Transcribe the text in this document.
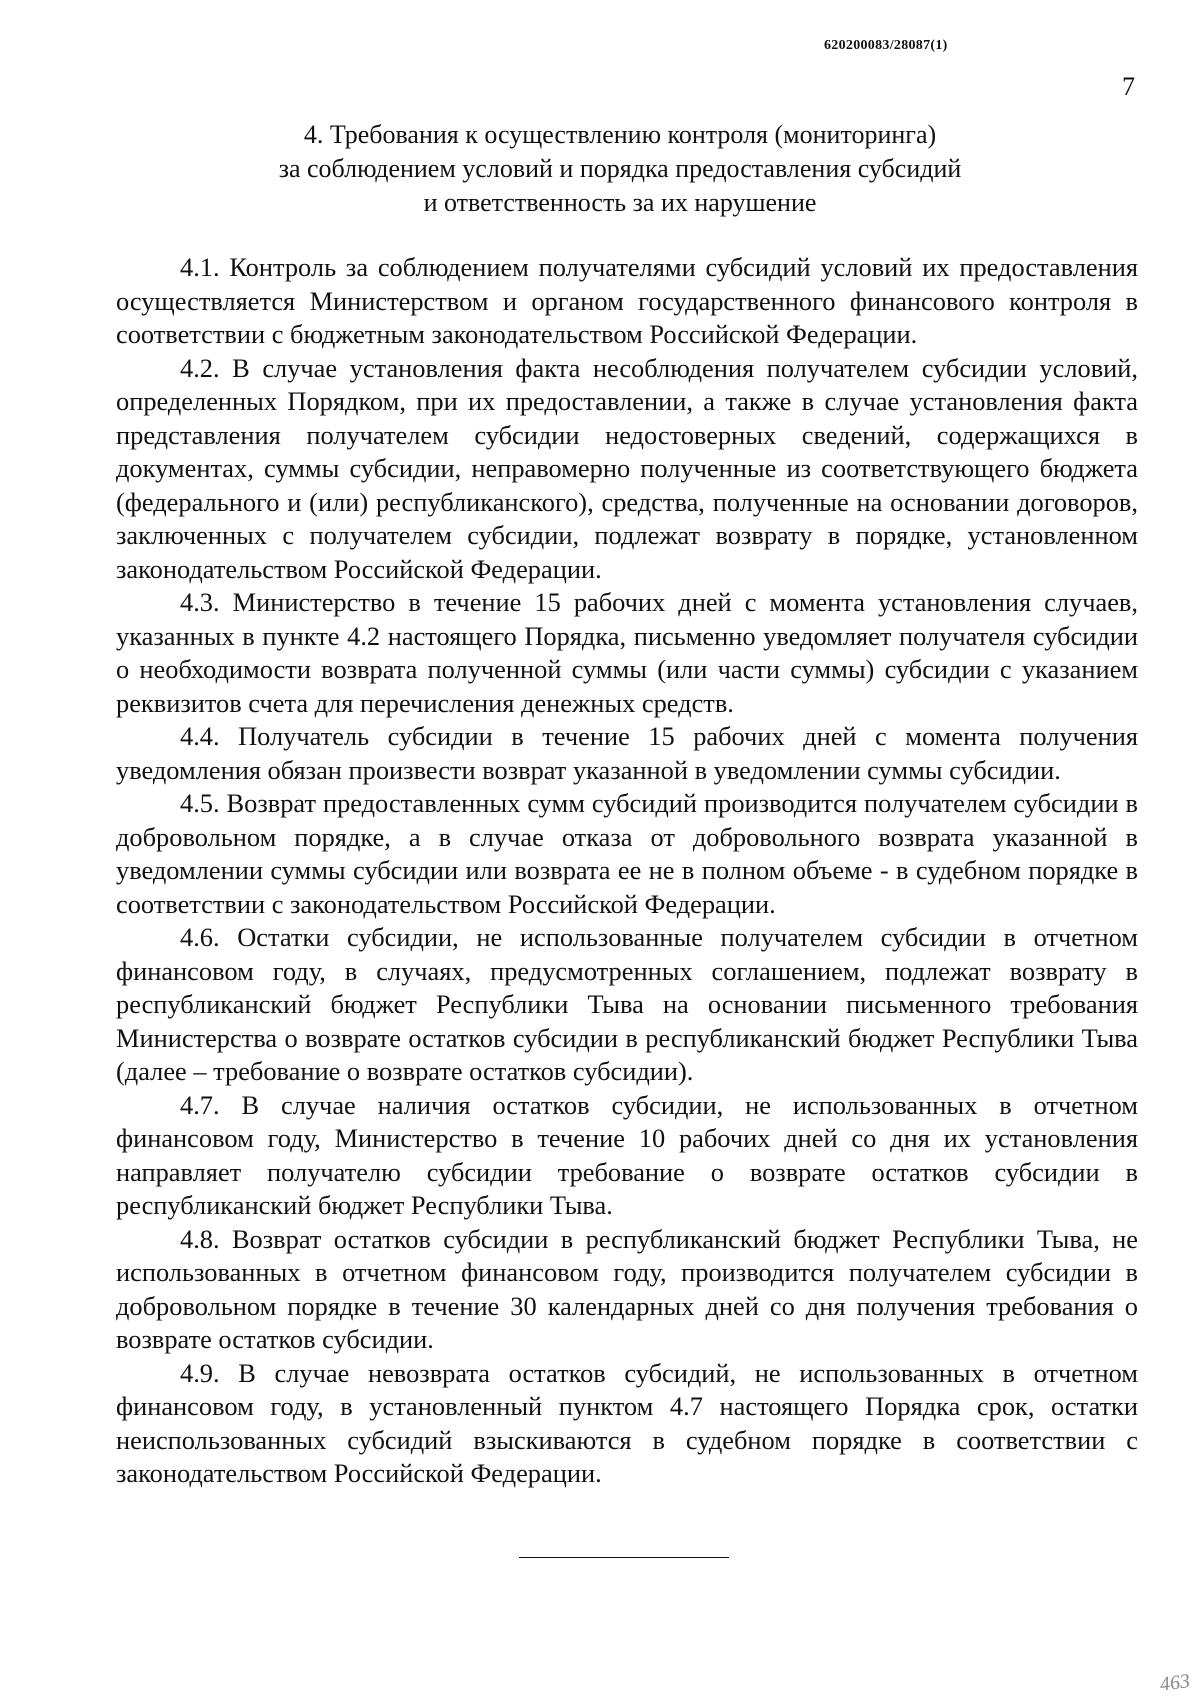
620200083/28087(1)
7
4. Требования к осуществлению контроля (мониторинга)
за соблюдением условий и порядка предоставления субсидий
и ответственность за их нарушение

4.1. Контроль за соблюдением получателями субсидий условий их предоставления осуществляется Министерством и органом государственного финансового контроля в соответствии с бюджетным законодательством Российской Федерации.

4.2. В случае установления факта несоблюдения получателем субсидии условий, определенных Порядком, при их предоставлении, а также в случае установления факта представления получателем субсидии недостоверных сведений, содержащихся в документах, суммы субсидии, неправомерно полученные из соответствующего бюджета (федерального и (или) республиканского), средства, полученные на основании договоров, заключенных с получателем субсидии, подлежат возврату в порядке, установленном законодательством Российской Федерации.

4.3. Министерство в течение 15 рабочих дней с момента установления случаев, указанных в пункте 4.2 настоящего Порядка, письменно уведомляет получателя субсидии о необходимости возврата полученной суммы (или части суммы) субсидии с указанием реквизитов счета для перечисления денежных средств.

4.4. Получатель субсидии в течение 15 рабочих дней с момента получения уведомления обязан произвести возврат указанной в уведомлении суммы субсидии.

4.5. Возврат предоставленных сумм субсидий производится получателем субсидии в добровольном порядке, а в случае отказа от добровольного возврата указанной в уведомлении суммы субсидии или возврата ее не в полном объеме - в судебном порядке в соответствии с законодательством Российской Федерации.

4.6. Остатки субсидии, не использованные получателем субсидии в отчетном финансовом году, в случаях, предусмотренных соглашением, подлежат возврату в республиканский бюджет Республики Тыва на основании письменного требования Министерства о возврате остатков субсидии в республиканский бюджет Республики Тыва (далее – требование о возврате остатков субсидии).

4.7. В случае наличия остатков субсидии, не использованных в отчетном финансовом году, Министерство в течение 10 рабочих дней со дня их установления направляет получателю субсидии требование о возврате остатков субсидии в республиканский бюджет Республики Тыва.

4.8. Возврат остатков субсидии в республиканский бюджет Республики Тыва, не использованных в отчетном финансовом году, производится получателем субсидии в добровольном порядке в течение 30 календарных дней со дня получения требования о возврате остатков субсидии.

4.9. В случае невозврата остатков субсидий, не использованных в отчетном финансовом году, в установленный пунктом 4.7 настоящего Порядка срок, остатки неиспользованных субсидий взыскиваются в судебном порядке в соответствии с законодательством Российской Федерации.

463
